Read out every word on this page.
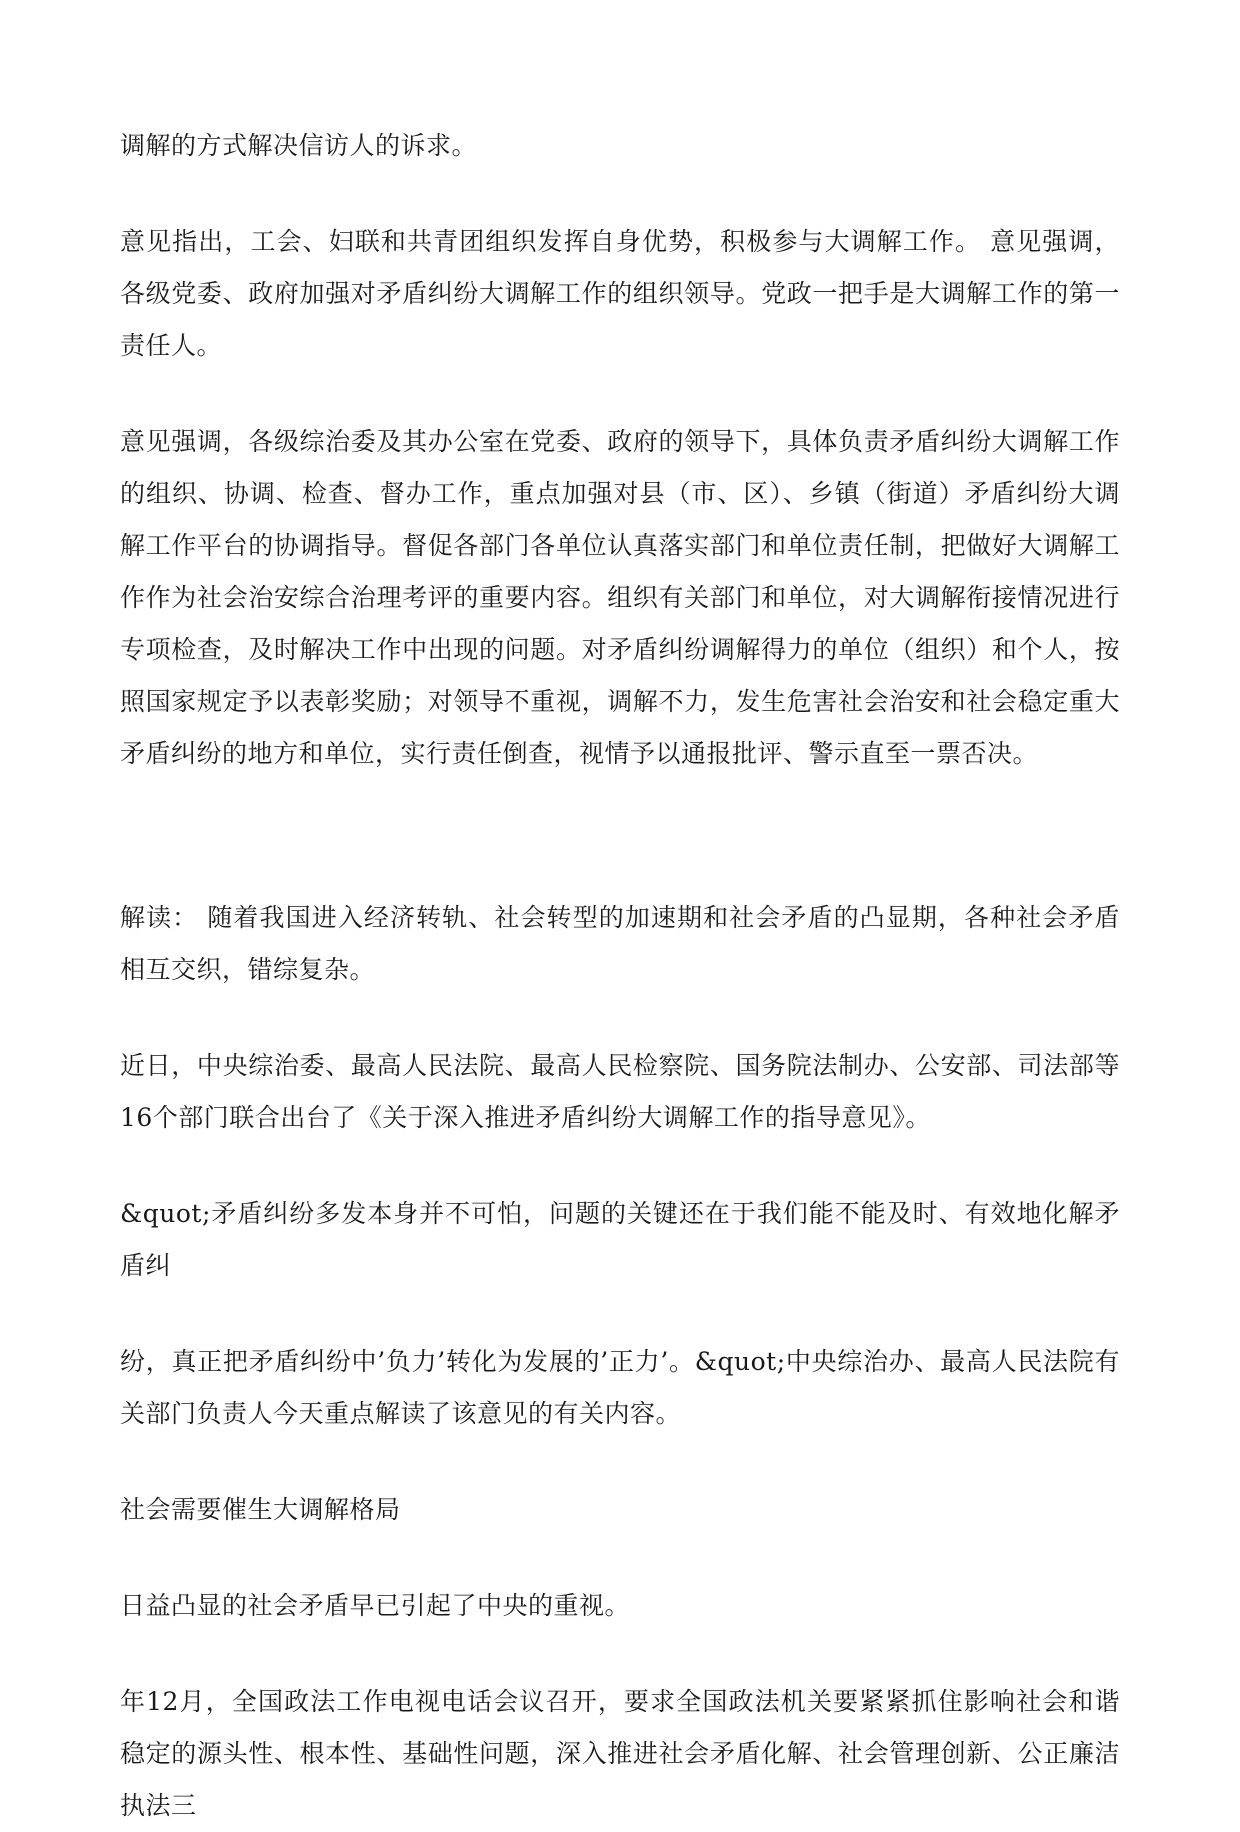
调解的方式解决信访人的诉求。

意见指出，工会、妇联和共青团组织发挥自身优势，积极参与大调解工作。 意见强调，各级党委、政府加强对矛盾纠纷大调解工作的组织领导。党政一把手是大调解工作的第一责任人。

意见强调，各级综治委及其办公室在党委、政府的领导下，具体负责矛盾纠纷大调解工作的组织、协调、检查、督办工作，重点加强对县（市、区）、乡镇（街道）矛盾纠纷大调解工作平台的协调指导。督促各部门各单位认真落实部门和单位责任制，把做好大调解工作作为社会治安综合治理考评的重要内容。组织有关部门和单位，对大调解衔接情况进行专项检查，及时解决工作中出现的问题。对矛盾纠纷调解得力的单位（组织）和个人，按照国家规定予以表彰奖励；对领导不重视，调解不力，发生危害社会治安和社会稳定重大矛盾纠纷的地方和单位，实行责任倒查，视情予以通报批评、警示直至一票否决。

解读： 随着我国进入经济转轨、社会转型的加速期和社会矛盾的凸显期，各种社会矛盾相互交织，错综复杂。

近日，中央综治委、最高人民法院、最高人民检察院、国务院法制办、公安部、司法部等16个部门联合出台了《关于深入推进矛盾纠纷大调解工作的指导意见》。

&quot;矛盾纠纷多发本身并不可怕，问题的关键还在于我们能不能及时、有效地化解矛盾纠

纷，真正把矛盾纠纷中’负力’转化为发展的’正力’。&quot;中央综治办、最高人民法院有关部门负责人今天重点解读了该意见的有关内容。

社会需要催生大调解格局

日益凸显的社会矛盾早已引起了中央的重视。

年12月，全国政法工作电视电话会议召开，要求全国政法机关要紧紧抓住影响社会和谐稳定的源头性、根本性、基础性问题，深入推进社会矛盾化解、社会管理创新、公正廉洁执法三
